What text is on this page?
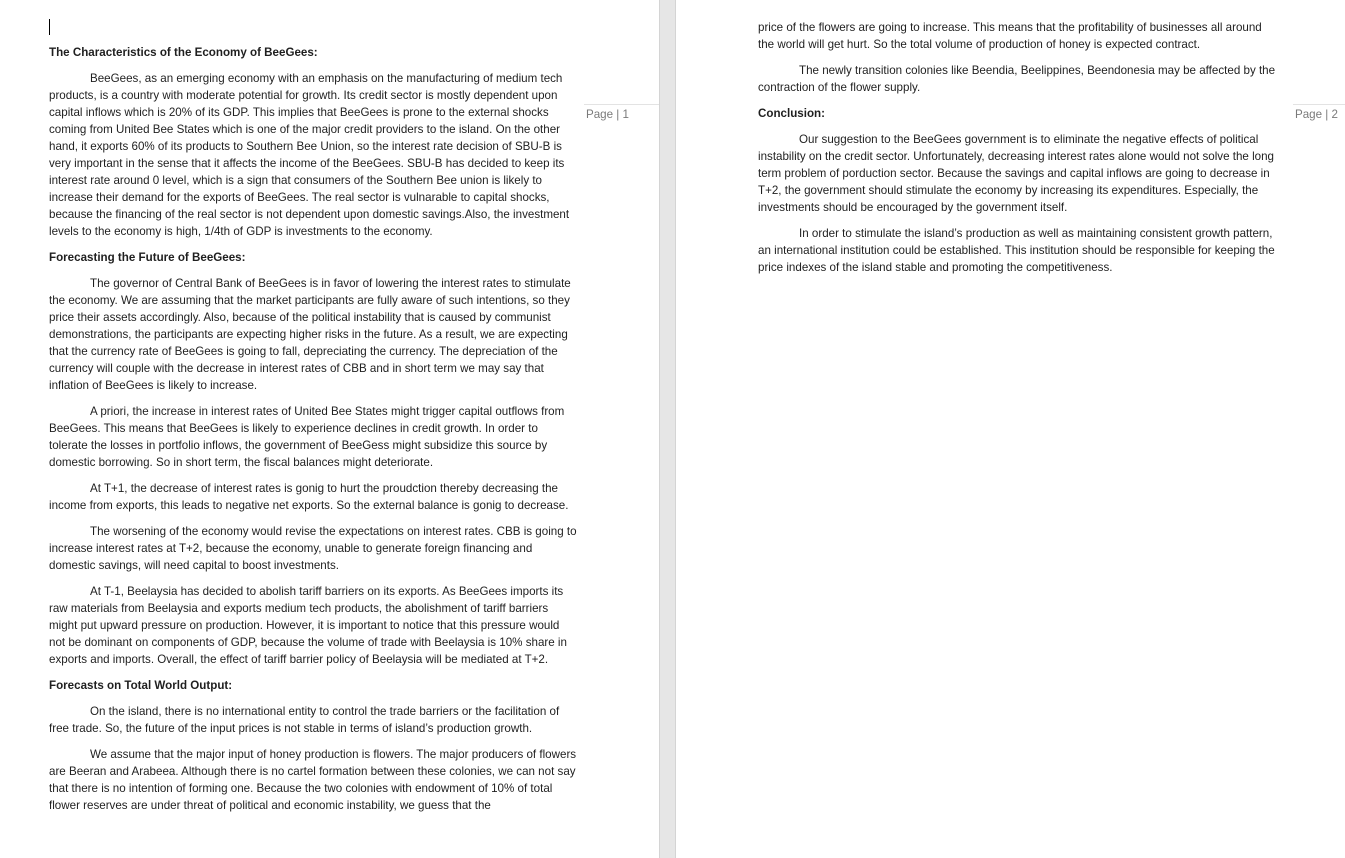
Page | 1
The Characteristics of the Economy of BeeGees:

BeeGees, as an emerging economy with an emphasis on the manufacturing of medium tech products, is a country with moderate potential for growth. Its credit sector is mostly dependent upon capital inflows which is 20% of its GDP. This implies that BeeGees is prone to the external shocks coming from United Bee States which is one of the major credit providers to the island. On the other hand, it exports 60% of its products to Southern Bee Union, so the interest rate decision of SBU-B is very important in the sense that it affects the income of the BeeGees. SBU-B has decided to keep its interest rate around 0 level, which is a sign that consumers of the Southern Bee union is likely to increase their demand for the exports of BeeGees. The real sector is vulnarable to capital shocks, because the financing of the real sector is not dependent upon domestic savings.Also, the investment levels to the economy is high, 1/4th of GDP is investments to the economy.

Forecasting the Future of BeeGees:

The governor of Central Bank of BeeGees is in favor of lowering the interest rates to stimulate the economy. We are assuming that the market participants are fully aware of such intentions, so they price their assets accordingly. Also, because of the political instability that is caused by communist demonstrations, the participants are expecting higher risks in the future. As a result, we are expecting that the currency rate of BeeGees is going to fall, depreciating the currency. The depreciation of the currency will couple with the decrease in interest rates of CBB and in short term we may say that inflation of BeeGees is likely to increase.

A priori, the increase in interest rates of United Bee States might trigger capital outflows from BeeGees. This means that BeeGees is likely to experience declines in credit growth. In order to tolerate the losses in portfolio inflows, the government of BeeGess might subsidize this source by domestic borrowing. So in short term, the fiscal balances might deteriorate.

At T+1, the decrease of interest rates is gonig to hurt the proudction thereby decreasing the income from exports, this leads to negative net exports. So the external balance is gonig to decrease.

The worsening of the economy would revise the expectations on interest rates. CBB is going to increase interest rates at T+2, because the economy, unable to generate foreign financing and domestic savings, will need capital to boost investments.

At T-1, Beelaysia has decided to abolish tariff barriers on its exports. As BeeGees imports its raw materials from Beelaysia and exports medium tech products, the abolishment of tariff barriers might put upward pressure on production. However, it is important to notice that this pressure would not be dominant on components of GDP, because the volume of trade with Beelaysia is 10% share in exports and imports. Overall, the effect of tariff barrier policy of Beelaysia will be mediated at T+2.

Forecasts on Total World Output:

On the island, there is no international entity to control the trade barriers or the facilitation of free trade. So, the future of the input prices is not stable in terms of island’s production growth.

We assume that the major input of honey production is flowers. The major producers of flowers are Beeran and Arabeea. Although there is no cartel formation between these colonies, we can not say that there is no intention of forming one. Because the two colonies with endowment of 10% of total flower reserves are under threat of political and economic instability, we guess that the

Page | 2

price of the flowers are going to increase. This means that the profitability of businesses all around the world will get hurt. So the total volume of production of honey is expected contract.

The newly transition colonies like Beendia, Beelippines, Beendonesia may be affected by the contraction of the flower supply.

Conclusion:

Our suggestion to the BeeGees government is to eliminate the negative effects of political instability on the credit sector. Unfortunately, decreasing interest rates alone would not solve the long term problem of porduction sector. Because the savings and capital inflows are going to decrease in T+2, the government should stimulate the economy by increasing its expenditures. Especially, the investments should be encouraged by the government itself.

In order to stimulate the island’s production as well as maintaining consistent growth pattern, an international institution could be established. This institution should be responsible for keeping the price indexes of the island stable and promoting the competitiveness.
